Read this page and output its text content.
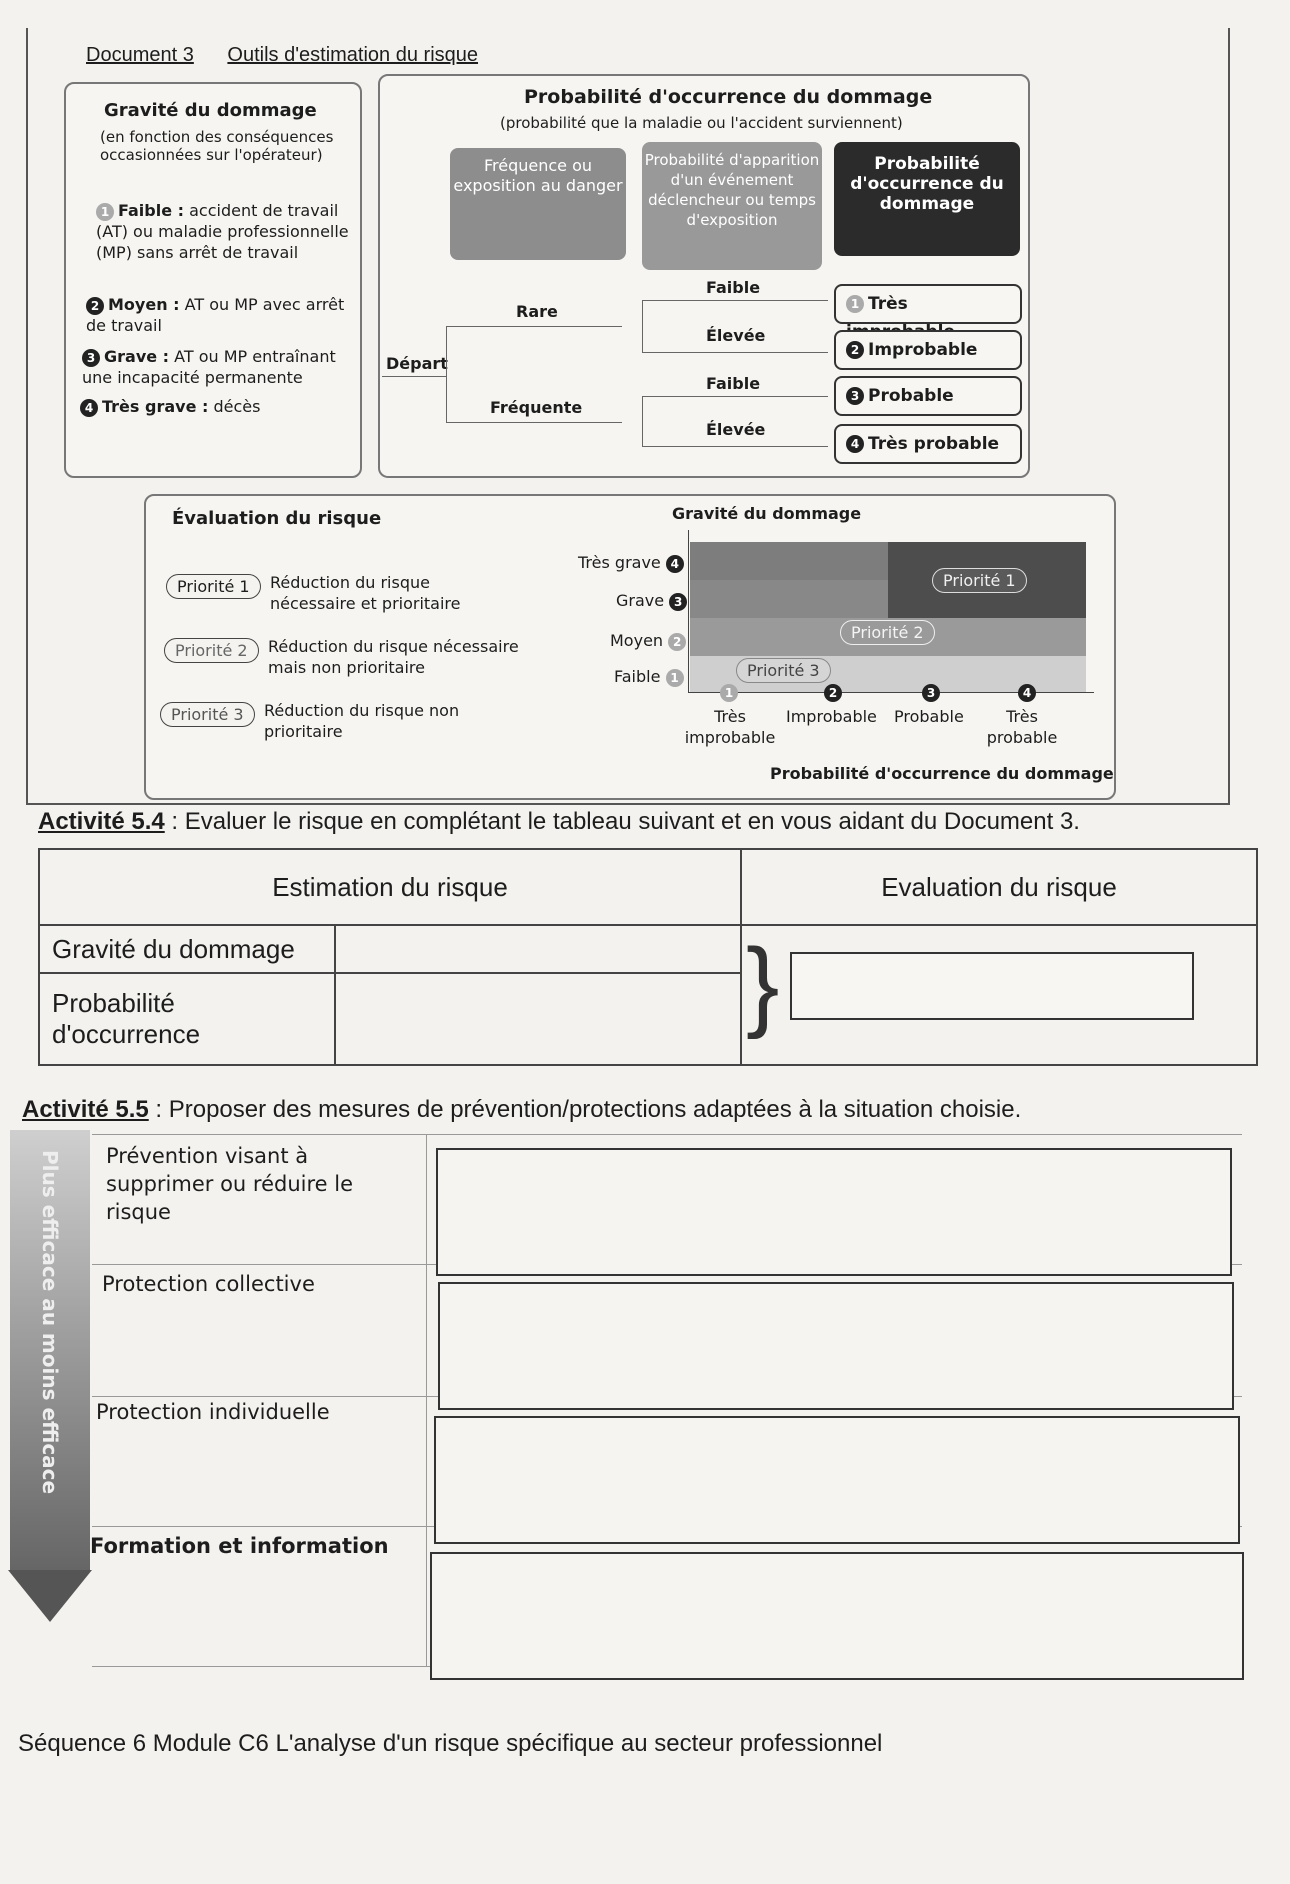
Document 3 Outils d'estimation du risque
Gravité du dommage
(en fonction des conséquences occasionnées sur l'opérateur)
1 Faible : accident de travail (AT) ou maladie professionnelle (MP) sans arrêt de travail
2 Moyen : AT ou MP avec arrêt de travail
3 Grave : AT ou MP entraînant une incapacité permanente
4 Très grave : décès
Probabilité d'occurrence du dommage
(probabilité que la maladie ou l'accident surviennent)
Fréquence ou exposition au danger
Probabilité d'apparition d'un événement déclencheur ou temps d'exposition
Probabilité d'occurrence du dommage
Départ
Rare
Fréquente
Faible
Élevée
Faible
Élevée
1 Très
2 Improbable
3 Probable
4 Très probable
Évaluation du risque
Priorité 1	Réduction du risque nécessaire et prioritaire
Priorité 2	Réduction du risque nécessaire mais non prioritaire
Priorité 3	Réduction du risque non prioritaire
Gravité du dommage
Très grave 4
Grave 3
Moyen 2
Faible 1
Priorité 1
Priorité 2
Priorité 3
1	2	3	4
Très improbable
Improbable Probable	Très probable
Probabilité d'occurrence du dommage
Activité 5.4 : Evaluer le risque en complétant le tableau suivant et en vous aidant du Document 3.
Estimation du risque		Evaluation du risque
Gravité du dommage		}

Probabilité d'occurrence		
Activité 5.5 : Proposer des mesures de prévention/protections adaptées à la situation choisie.
Plus efficace au moins efficace Prévention visant à supprimer ou réduire le risque
Protection collective
Protection individuelle
Formation et information
Séquence 6 Module C6 L'analyse d'un risque spécifique au secteur professionnel
